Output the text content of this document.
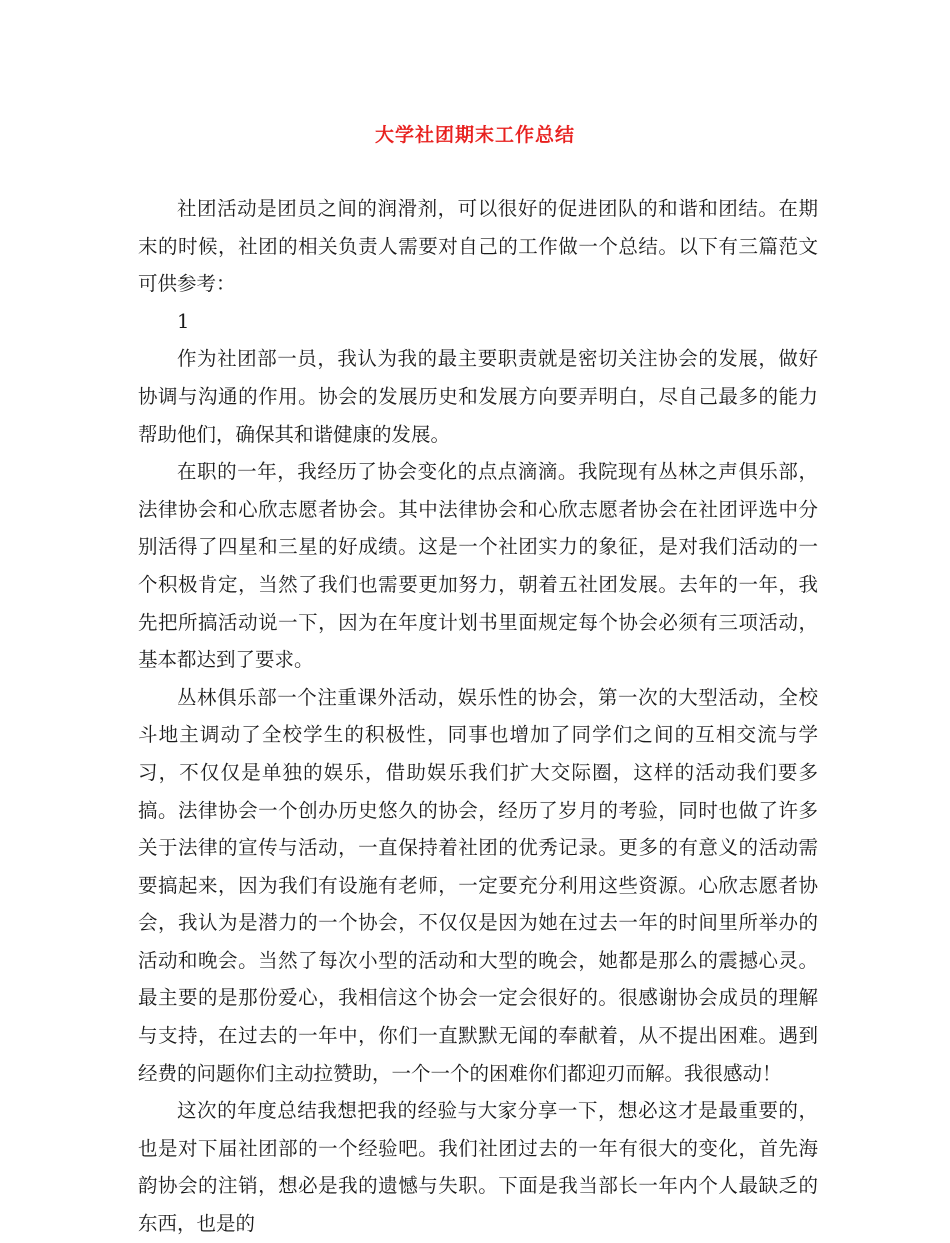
大学社团期末工作总结

社团活动是团员之间的润滑剂，可以很好的促进团队的和谐和团结。在期末的时候，社团的相关负责人需要对自己的工作做一个总结。以下有三篇范文可供参考：

1

作为社团部一员，我认为我的最主要职责就是密切关注协会的发展，做好协调与沟通的作用。协会的发展历史和发展方向要弄明白，尽自己最多的能力帮助他们，确保其和谐健康的发展。

在职的一年，我经历了协会变化的点点滴滴。我院现有丛林之声俱乐部，法律协会和心欣志愿者协会。其中法律协会和心欣志愿者协会在社团评选中分别活得了四星和三星的好成绩。这是一个社团实力的象征，是对我们活动的一个积极肯定，当然了我们也需要更加努力，朝着五社团发展。去年的一年，我先把所搞活动说一下，因为在年度计划书里面规定每个协会必须有三项活动，基本都达到了要求。

丛林俱乐部一个注重课外活动，娱乐性的协会，第一次的大型活动，全校斗地主调动了全校学生的积极性，同事也增加了同学们之间的互相交流与学习，不仅仅是单独的娱乐，借助娱乐我们扩大交际圈，这样的活动我们要多搞。法律协会一个创办历史悠久的协会，经历了岁月的考验，同时也做了许多关于法律的宣传与活动，一直保持着社团的优秀记录。更多的有意义的活动需要搞起来，因为我们有设施有老师，一定要充分利用这些资源。心欣志愿者协会，我认为是潜力的一个协会，不仅仅是因为她在过去一年的时间里所举办的活动和晚会。当然了每次小型的活动和大型的晚会，她都是那么的震撼心灵。最主要的是那份爱心，我相信这个协会一定会很好的。很感谢协会成员的理解与支持，在过去的一年中，你们一直默默无闻的奉献着，从不提出困难。遇到经费的问题你们主动拉赞助，一个一个的困难你们都迎刃而解。我很感动！

这次的年度总结我想把我的经验与大家分享一下，想必这才是最重要的，也是对下届社团部的一个经验吧。我们社团过去的一年有很大的变化，首先海韵协会的注销，想必是我的遗憾与失职。下面是我当部长一年内个人最缺乏的东西，也是的
